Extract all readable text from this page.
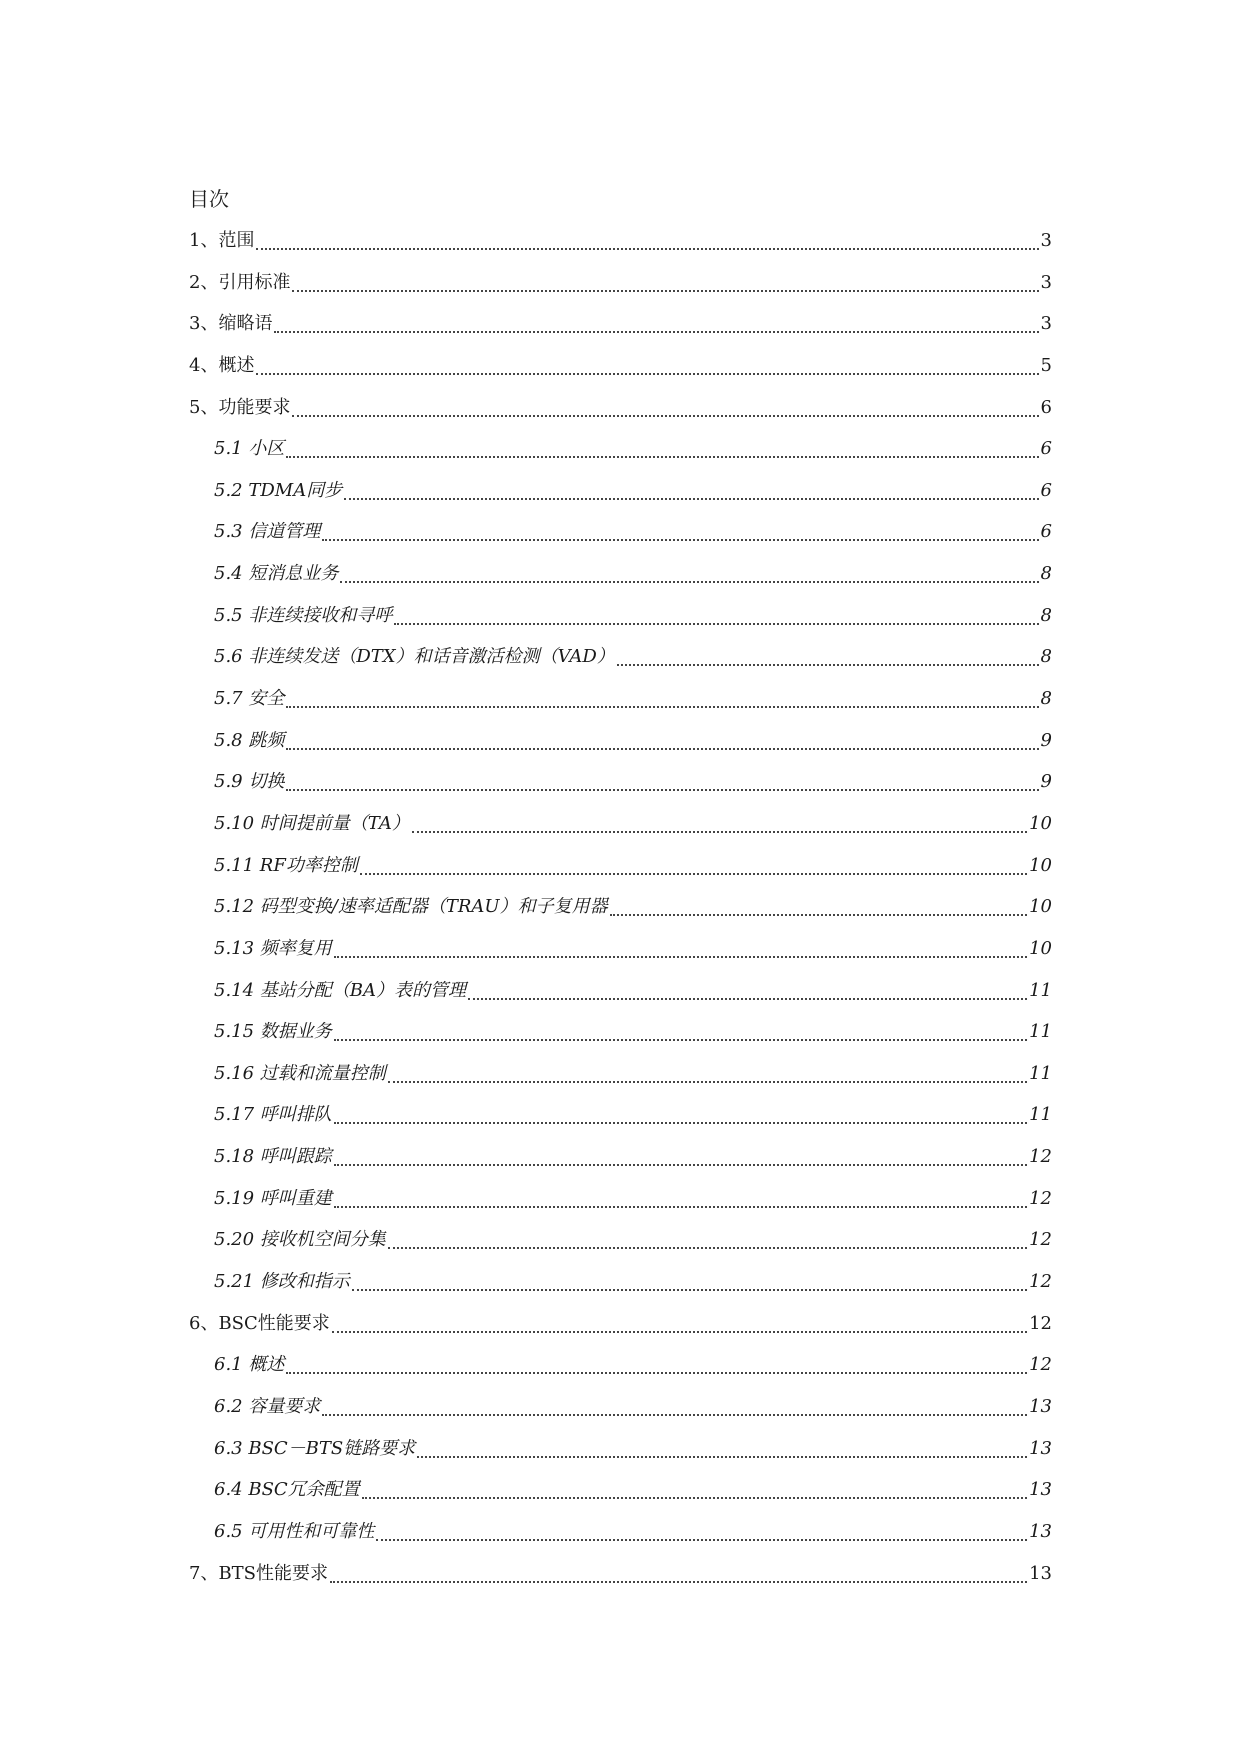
目次
1、范围	3
2、引用标准	3
3、缩略语	3
4、概述	5
5、功能要求	6
5.1 小区	6
5.2 TDMA同步	6
5.3 信道管理	6
5.4 短消息业务	8
5.5 非连续接收和寻呼	8
5.6 非连续发送（DTX）和话音激活检测（VAD）	8
5.7 安全	8
5.8 跳频	9
5.9 切换	9
5.10 时间提前量（TA）	10
5.11 RF功率控制	10
5.12 码型变换/速率适配器（TRAU）和子复用器	10
5.13 频率复用	10
5.14 基站分配（BA）表的管理	11
5.15 数据业务	11
5.16 过载和流量控制	11
5.17 呼叫排队	11
5.18 呼叫跟踪	12
5.19 呼叫重建	12
5.20 接收机空间分集	12
5.21 修改和指示	12
6、BSC性能要求	12
6.1 概述	12
6.2 容量要求	13
6.3 BSC－BTS链路要求	13
6.4 BSC冗余配置	13
6.5 可用性和可靠性	13
7、BTS性能要求	13
